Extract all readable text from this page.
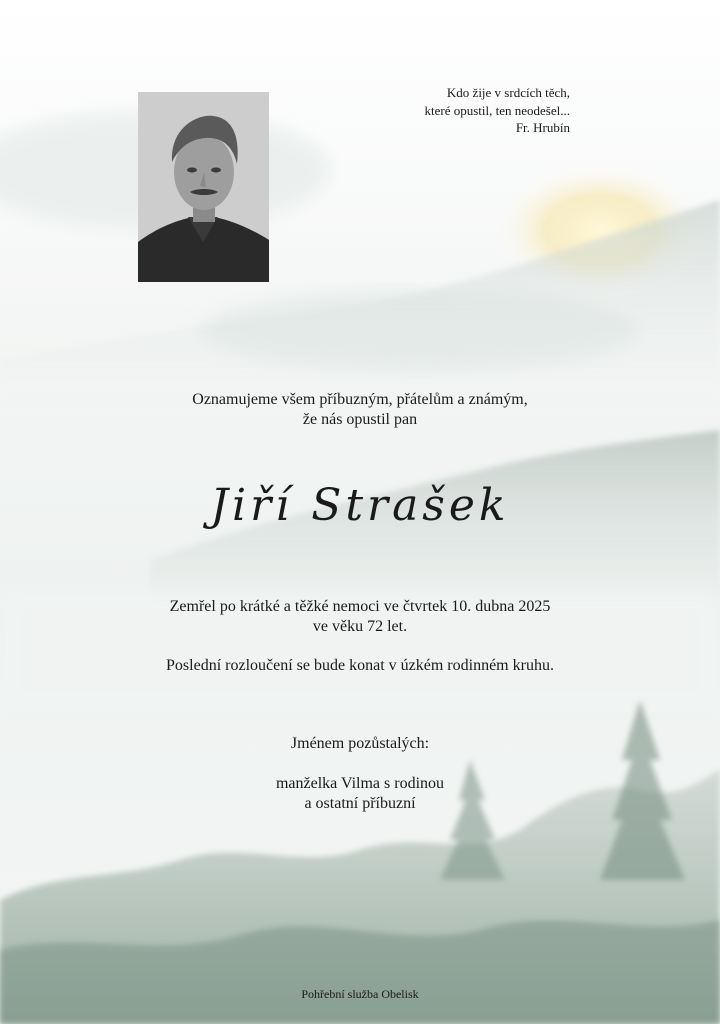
Kdo žije v srdcích těch,
které opustil, ten neodešel...
Fr. Hrubín
Oznamujeme všem příbuzným, přátelům a známým,
že nás opustil pan
Jiří Strašek
Zemřel po krátké a těžké nemoci ve čtvrtek 10. dubna 2025
ve věku 72 let.
Poslední rozloučení se bude konat v úzkém rodinném kruhu.
Jménem pozůstalých:
manželka Vilma s rodinou
a ostatní příbuzní
Pohřební služba Obelisk
